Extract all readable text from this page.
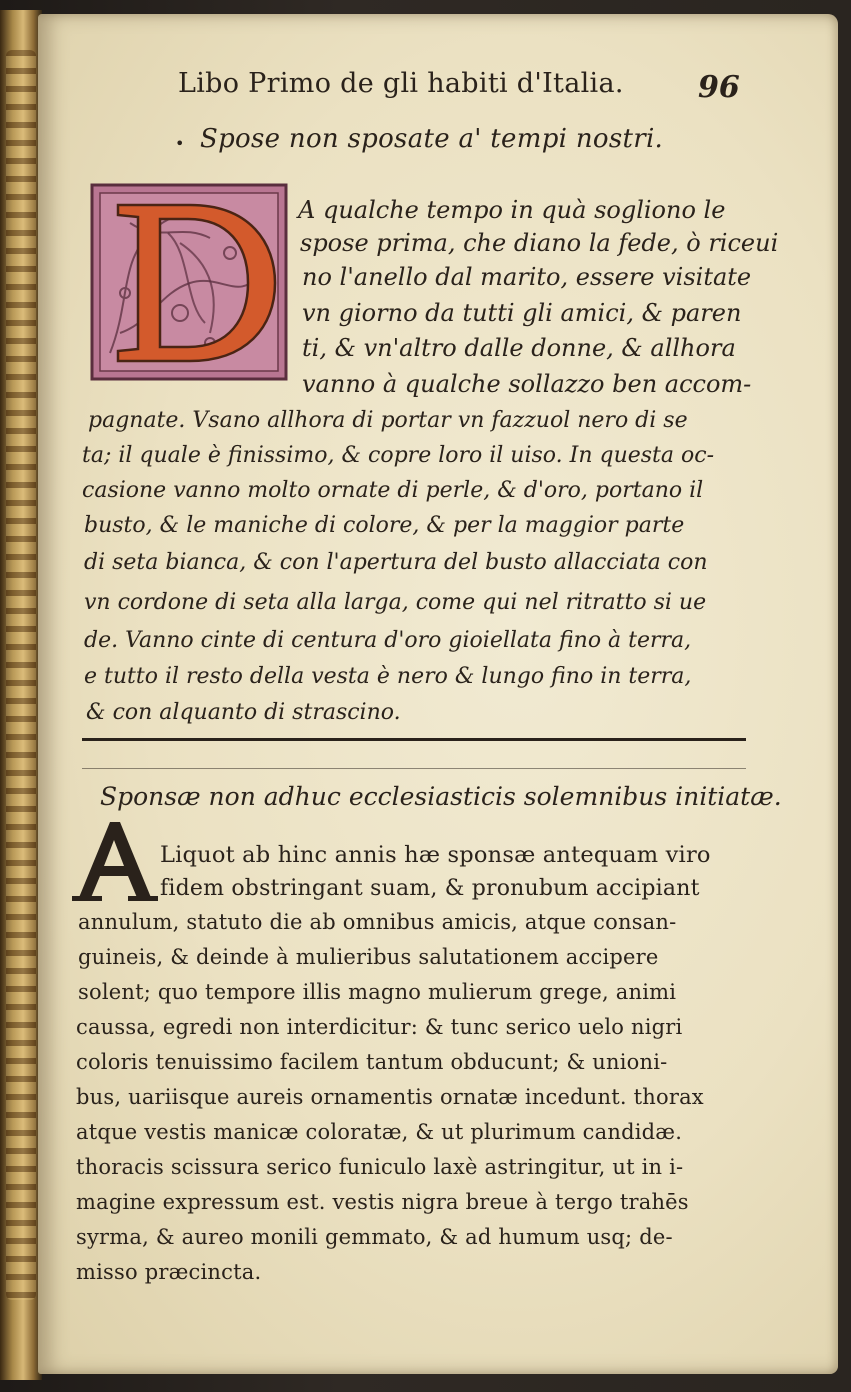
Libo Primo de gli habiti d'Italia. 96
• Spose non sposate a' tempi nostri.
A qualche tempo in quà sogliono le
spose prima, che diano la fede, ò riceui
no l'anello dal marito, essere visitate
vn giorno da tutti gli amici, & paren
ti, & vn'altro dalle donne, & allhora
vanno à qualche sollazzo ben accom-
pagnate. Vsano allhora di portar vn fazzuol nero di se
ta; il quale è finissimo, & copre loro il uiso. In questa oc-
casione vanno molto ornate di perle, & d'oro, portano il
busto, & le maniche di colore, & per la maggior parte
di seta bianca, & con l'apertura del busto allacciata con
vn cordone di seta alla larga, come qui nel ritratto si ue
de. Vanno cinte di centura d'oro gioiellata fino à terra,
e tutto il resto della vesta è nero & lungo fino in terra,
& con alquanto di strascino.
Sponsæ non adhuc ecclesiasticis solemnibus initiatæ.
Liquot ab hinc annis hæ sponsæ antequam viro
fidem obstringant suam, & pronubum accipiant
annulum, statuto die ab omnibus amicis, atque consan-
guineis, & deinde à mulieribus salutationem accipere
solent; quo tempore illis magno mulierum grege, animi
caussa, egredi non interdicitur: & tunc serico uelo nigri
coloris tenuissimo facilem tantum obducunt; & unioni-
bus, uariisque aureis ornamentis ornatæ incedunt. thorax
atque vestis manicæ coloratæ, & ut plurimum candidæ.
thoracis scissura serico funiculo laxè astringitur, ut in i-
magine expressum est. vestis nigra breue à tergo trahēs
syrma, & aureo monili gemmato, & ad humum usq; de-
misso præcincta.
